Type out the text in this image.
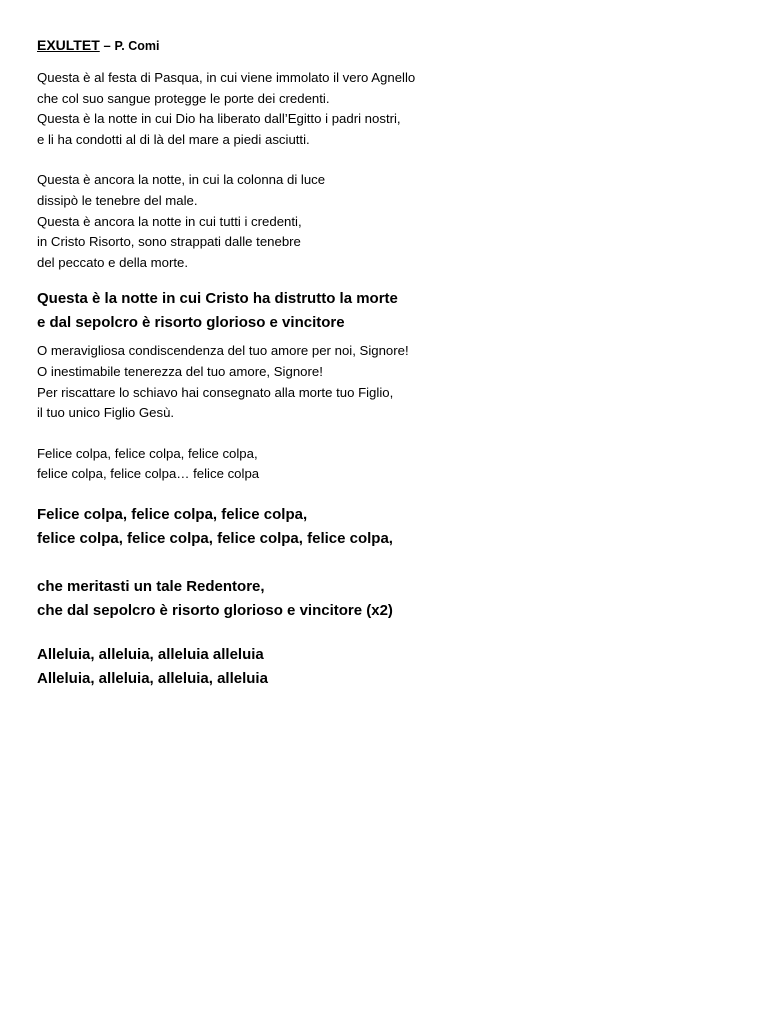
EXULTET – P. Comi
Questa è al festa di Pasqua, in cui viene immolato il vero Agnello
che col suo sangue protegge le porte dei credenti.
Questa è la notte in cui Dio ha liberato dall’Egitto i padri nostri,
e li ha condotti al di là del mare a piedi asciutti.
Questa è ancora la notte, in cui la colonna di luce
dissipò le tenebre del male.
Questa è ancora la notte in cui tutti i credenti,
in Cristo Risorto, sono strappati dalle tenebre
del peccato e della morte.
Questa è la notte in cui Cristo ha distrutto la morte
e dal sepolcro è risorto glorioso e vincitore
O meravigliosa condiscendenza del tuo amore per noi, Signore!
O inestimabile tenerezza del tuo amore, Signore!
Per riscattare lo schiavo hai consegnato alla morte tuo Figlio,
il tuo unico Figlio Gesù.
Felice colpa, felice colpa, felice colpa,
felice colpa, felice colpa… felice colpa
Felice colpa, felice colpa, felice colpa,
felice colpa, felice colpa, felice colpa, felice colpa,
che meritasti un tale Redentore,
che dal sepolcro è risorto glorioso e vincitore (x2)
Alleluia, alleluia, alleluia alleluia
Alleluia, alleluia, alleluia, alleluia
